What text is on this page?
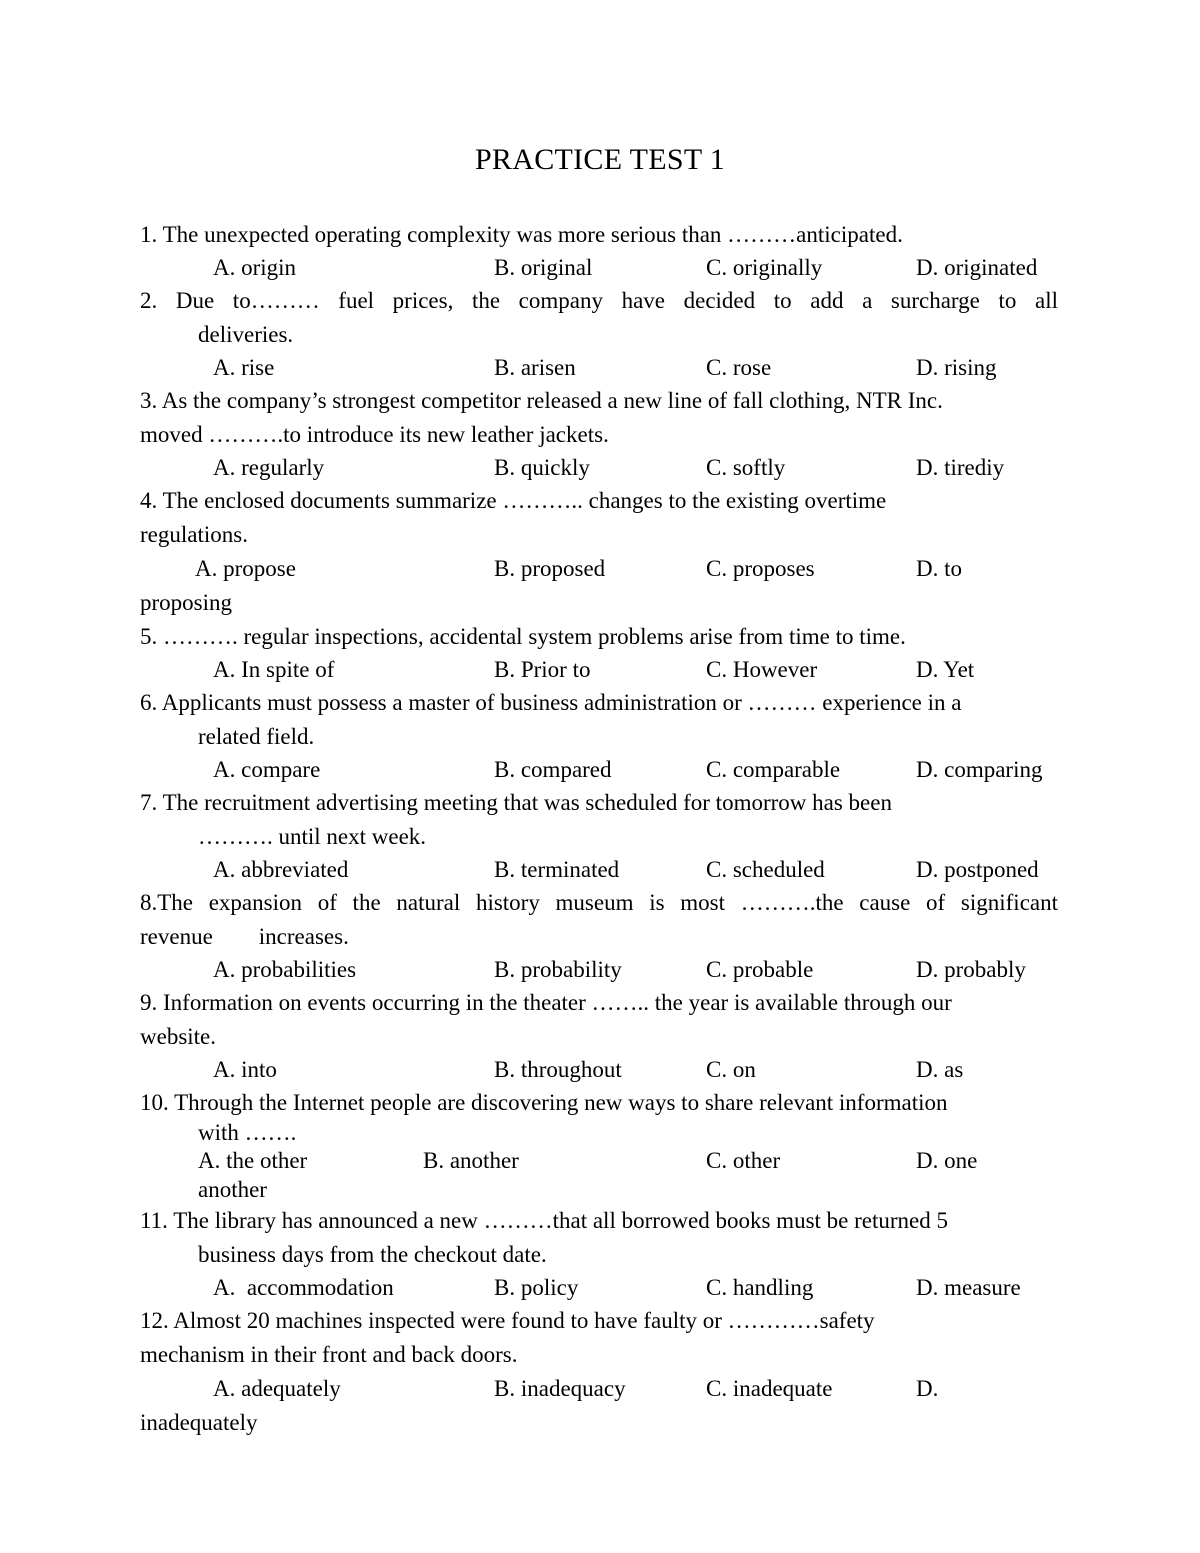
PRACTICE TEST 1
1. The unexpected operating complexity was more serious than ………anticipated.
A. origin	B. original	C. originally	D. originated
2. Due to……… fuel prices, the company have decided to add a surcharge to all
deliveries.
A. rise	B. arisen	C. rose	D. rising
3. As the company’s strongest competitor released a new line of fall clothing, NTR Inc.
moved ……….to introduce its new leather jackets.
A. regularly	B. quickly	C. softly	D. tirediy
4. The enclosed documents summarize ……….. changes to the existing overtime
regulations.
A. propose	B. proposed	C. proposes	D. to
proposing
5. ………. regular inspections, accidental system problems arise from time to time.
A. In spite of	B. Prior to	C. However	D. Yet
6. Applicants must possess a master of business administration or ……… experience in a
related field.
A. compare	B. compared	C. comparable	D. comparing
7. The recruitment advertising meeting that was scheduled for tomorrow has been
………. until next week.
A. abbreviated	B. terminated	C. scheduled	D. postponed
8.The expansion of the natural history museum is most ……….the cause of significant
revenue        increases.
A. probabilities	B. probability	C. probable	D. probably
9. Information on events occurring in the theater …….. the year is available through our
website.
A. into	B. throughout	C. on	D. as
10. Through the Internet people are discovering new ways to share relevant information
with …….
A. the other	B. another	C. other	D. one
another
11. The library has announced a new ………that all borrowed books must be returned 5
business days from the checkout date.
A.  accommodation	B. policy	C. handling	D. measure
12. Almost 20 machines inspected were found to have faulty or …………safety
mechanism in their front and back doors.
A. adequately	B. inadequacy	C. inadequate	D.
inadequately
